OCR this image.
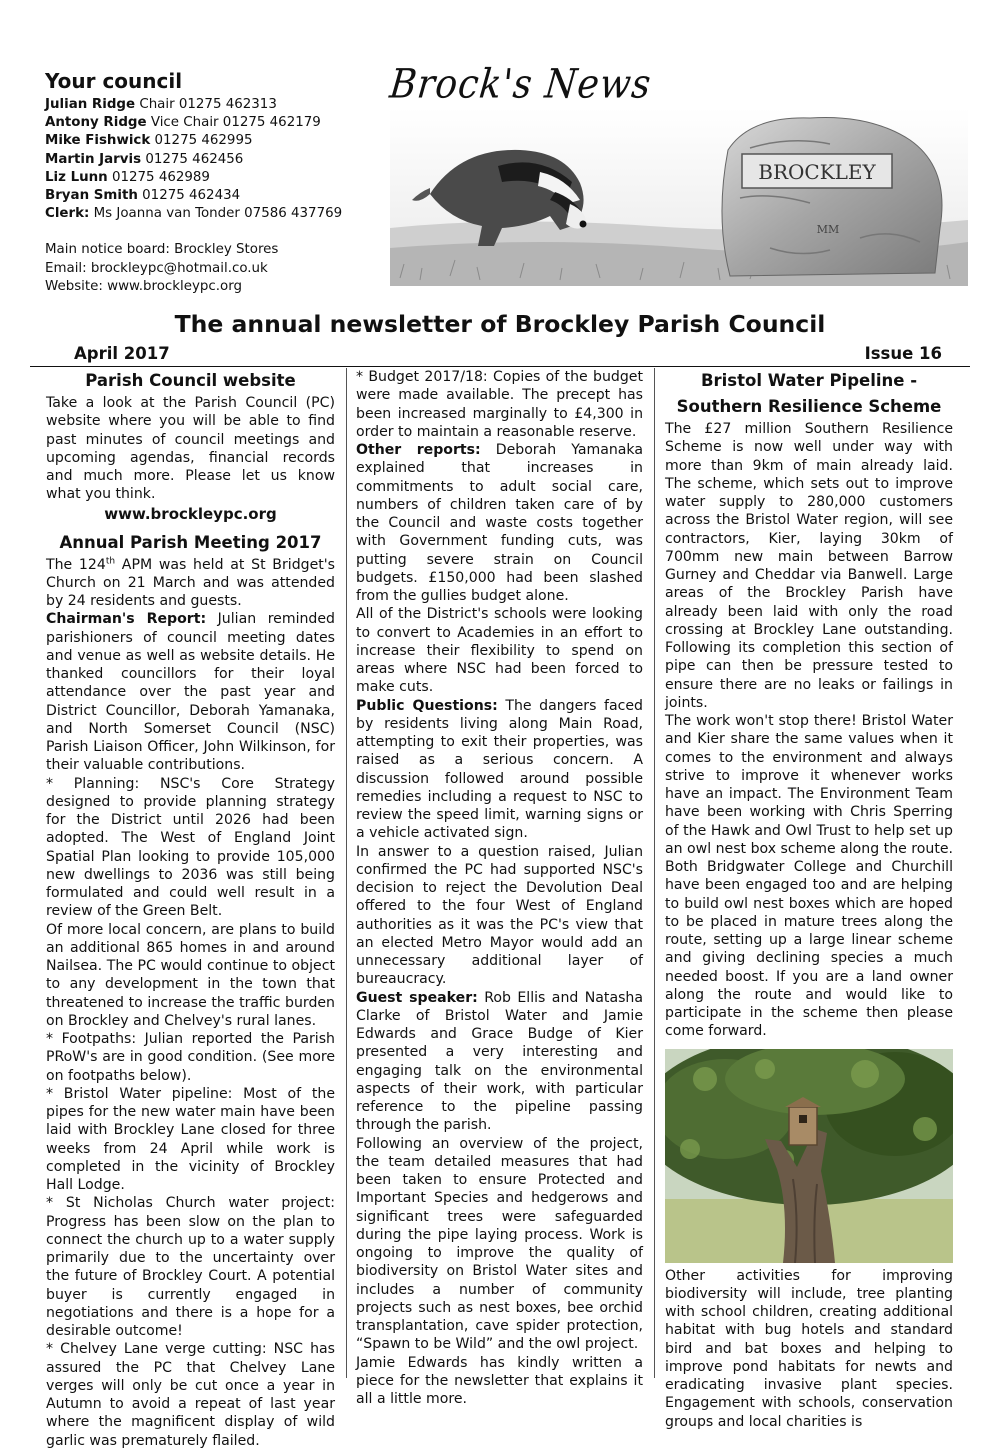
Your council
Julian Ridge Chair 01275 462313
Antony Ridge Vice Chair 01275 462179
Mike Fishwick 01275 462995
Martin Jarvis 01275 462456
Liz Lunn 01275 462989
Bryan Smith 01275 462434
Clerk: Ms Joanna van Tonder 07586 437769
Main notice board: Brockley Stores
Email: brockleypc@hotmail.co.uk
Website: www.brockleypc.org
Brock's News
BROCKLEY
MM
The annual newsletter of Brockley Parish Council
April 2017	Issue 16
Parish Council website

Take a look at the Parish Council (PC) website where you will be able to find past minutes of council meetings and upcoming agendas, financial records and much more. Please let us know what you think.

www.brockleypc.org

Annual Parish Meeting 2017

The 124th APM was held at St Bridget's Church on 21 March and was attended by 24 residents and guests.

Chairman's Report: Julian reminded parishioners of council meeting dates and venue as well as website details. He thanked councillors for their loyal attendance over the past year and District Councillor, Deborah Yamanaka, and North Somerset Council (NSC) Parish Liaison Officer, John Wilkinson, for their valuable contributions.

* Planning: NSC's Core Strategy designed to provide planning strategy for the District until 2026 had been adopted. The West of England Joint Spatial Plan looking to provide 105,000 new dwellings to 2036 was still being formulated and could well result in a review of the Green Belt.

Of more local concern, are plans to build an additional 865 homes in and around Nailsea. The PC would continue to object to any development in the town that threatened to increase the traffic burden on Brockley and Chelvey's rural lanes.

* Footpaths: Julian reported the Parish PRoW's are in good condition. (See more on footpaths below).

* Bristol Water pipeline: Most of the pipes for the new water main have been laid with Brockley Lane closed for three weeks from 24 April while work is completed in the vicinity of Brockley Hall Lodge.

* St Nicholas Church water project: Progress has been slow on the plan to connect the church up to a water supply primarily due to the uncertainty over the future of Brockley Court. A potential buyer is currently engaged in negotiations and there is a hope for a desirable outcome!

* Chelvey Lane verge cutting: NSC has assured the PC that Chelvey Lane verges will only be cut once a year in Autumn to avoid a repeat of last year where the magnificent display of wild garlic was prematurely flailed.

* Budget 2017/18: Copies of the budget were made available. The precept has been increased marginally to £4,300 in order to maintain a reasonable reserve.

Other reports: Deborah Yamanaka explained that increases in commitments to adult social care, numbers of children taken care of by the Council and waste costs together with Government funding cuts, was putting severe strain on Council budgets. £150,000 had been slashed from the gullies budget alone.

All of the District's schools were looking to convert to Academies in an effort to increase their flexibility to spend on areas where NSC had been forced to make cuts.

Public Questions: The dangers faced by residents living along Main Road, attempting to exit their properties, was raised as a serious concern. A discussion followed around possible remedies including a request to NSC to review the speed limit, warning signs or a vehicle activated sign.

In answer to a question raised, Julian confirmed the PC had supported NSC's decision to reject the Devolution Deal offered to the four West of England authorities as it was the PC's view that an elected Metro Mayor would add an unnecessary additional layer of bureaucracy.

Guest speaker: Rob Ellis and Natasha Clarke of Bristol Water and Jamie Edwards and Grace Budge of Kier presented a very interesting and engaging talk on the environmental aspects of their work, with particular reference to the pipeline passing through the parish.

Following an overview of the project, the team detailed measures that had been taken to ensure Protected and Important Species and hedgerows and significant trees were safeguarded during the pipe laying process. Work is ongoing to improve the quality of biodiversity on Bristol Water sites and includes a number of community projects such as nest boxes, bee orchid transplantation, cave spider protection, “Spawn to be Wild” and the owl project.

Jamie Edwards has kindly written a piece for the newsletter that explains it all a little more.

Bristol Water Pipeline -
Southern Resilience Scheme

The £27 million Southern Resilience Scheme is now well under way with more than 9km of main already laid. The scheme, which sets out to improve water supply to 280,000 customers across the Bristol Water region, will see contractors, Kier, laying 30km of 700mm new main between Barrow Gurney and Cheddar via Banwell. Large areas of the Brockley Parish have already been laid with only the road crossing at Brockley Lane outstanding. Following its completion this section of pipe can then be pressure tested to ensure there are no leaks or failings in joints.

The work won't stop there! Bristol Water and Kier share the same values when it comes to the environment and always strive to improve it whenever works have an impact. The Environment Team have been working with Chris Sperring of the Hawk and Owl Trust to help set up an owl nest box scheme along the route. Both Bridgwater College and Churchill have been engaged too and are helping to build owl nest boxes which are hoped to be placed in mature trees along the route, setting up a large linear scheme and giving declining species a much needed boost. If you are a land owner along the route and would like to participate in the scheme then please come forward.

Other activities for improving biodiversity will include, tree planting with school children, creating additional habitat with bug hotels and standard bird and bat boxes and helping to improve pond habitats for newts and eradicating invasive plant species. Engagement with schools, conservation groups and local charities is
